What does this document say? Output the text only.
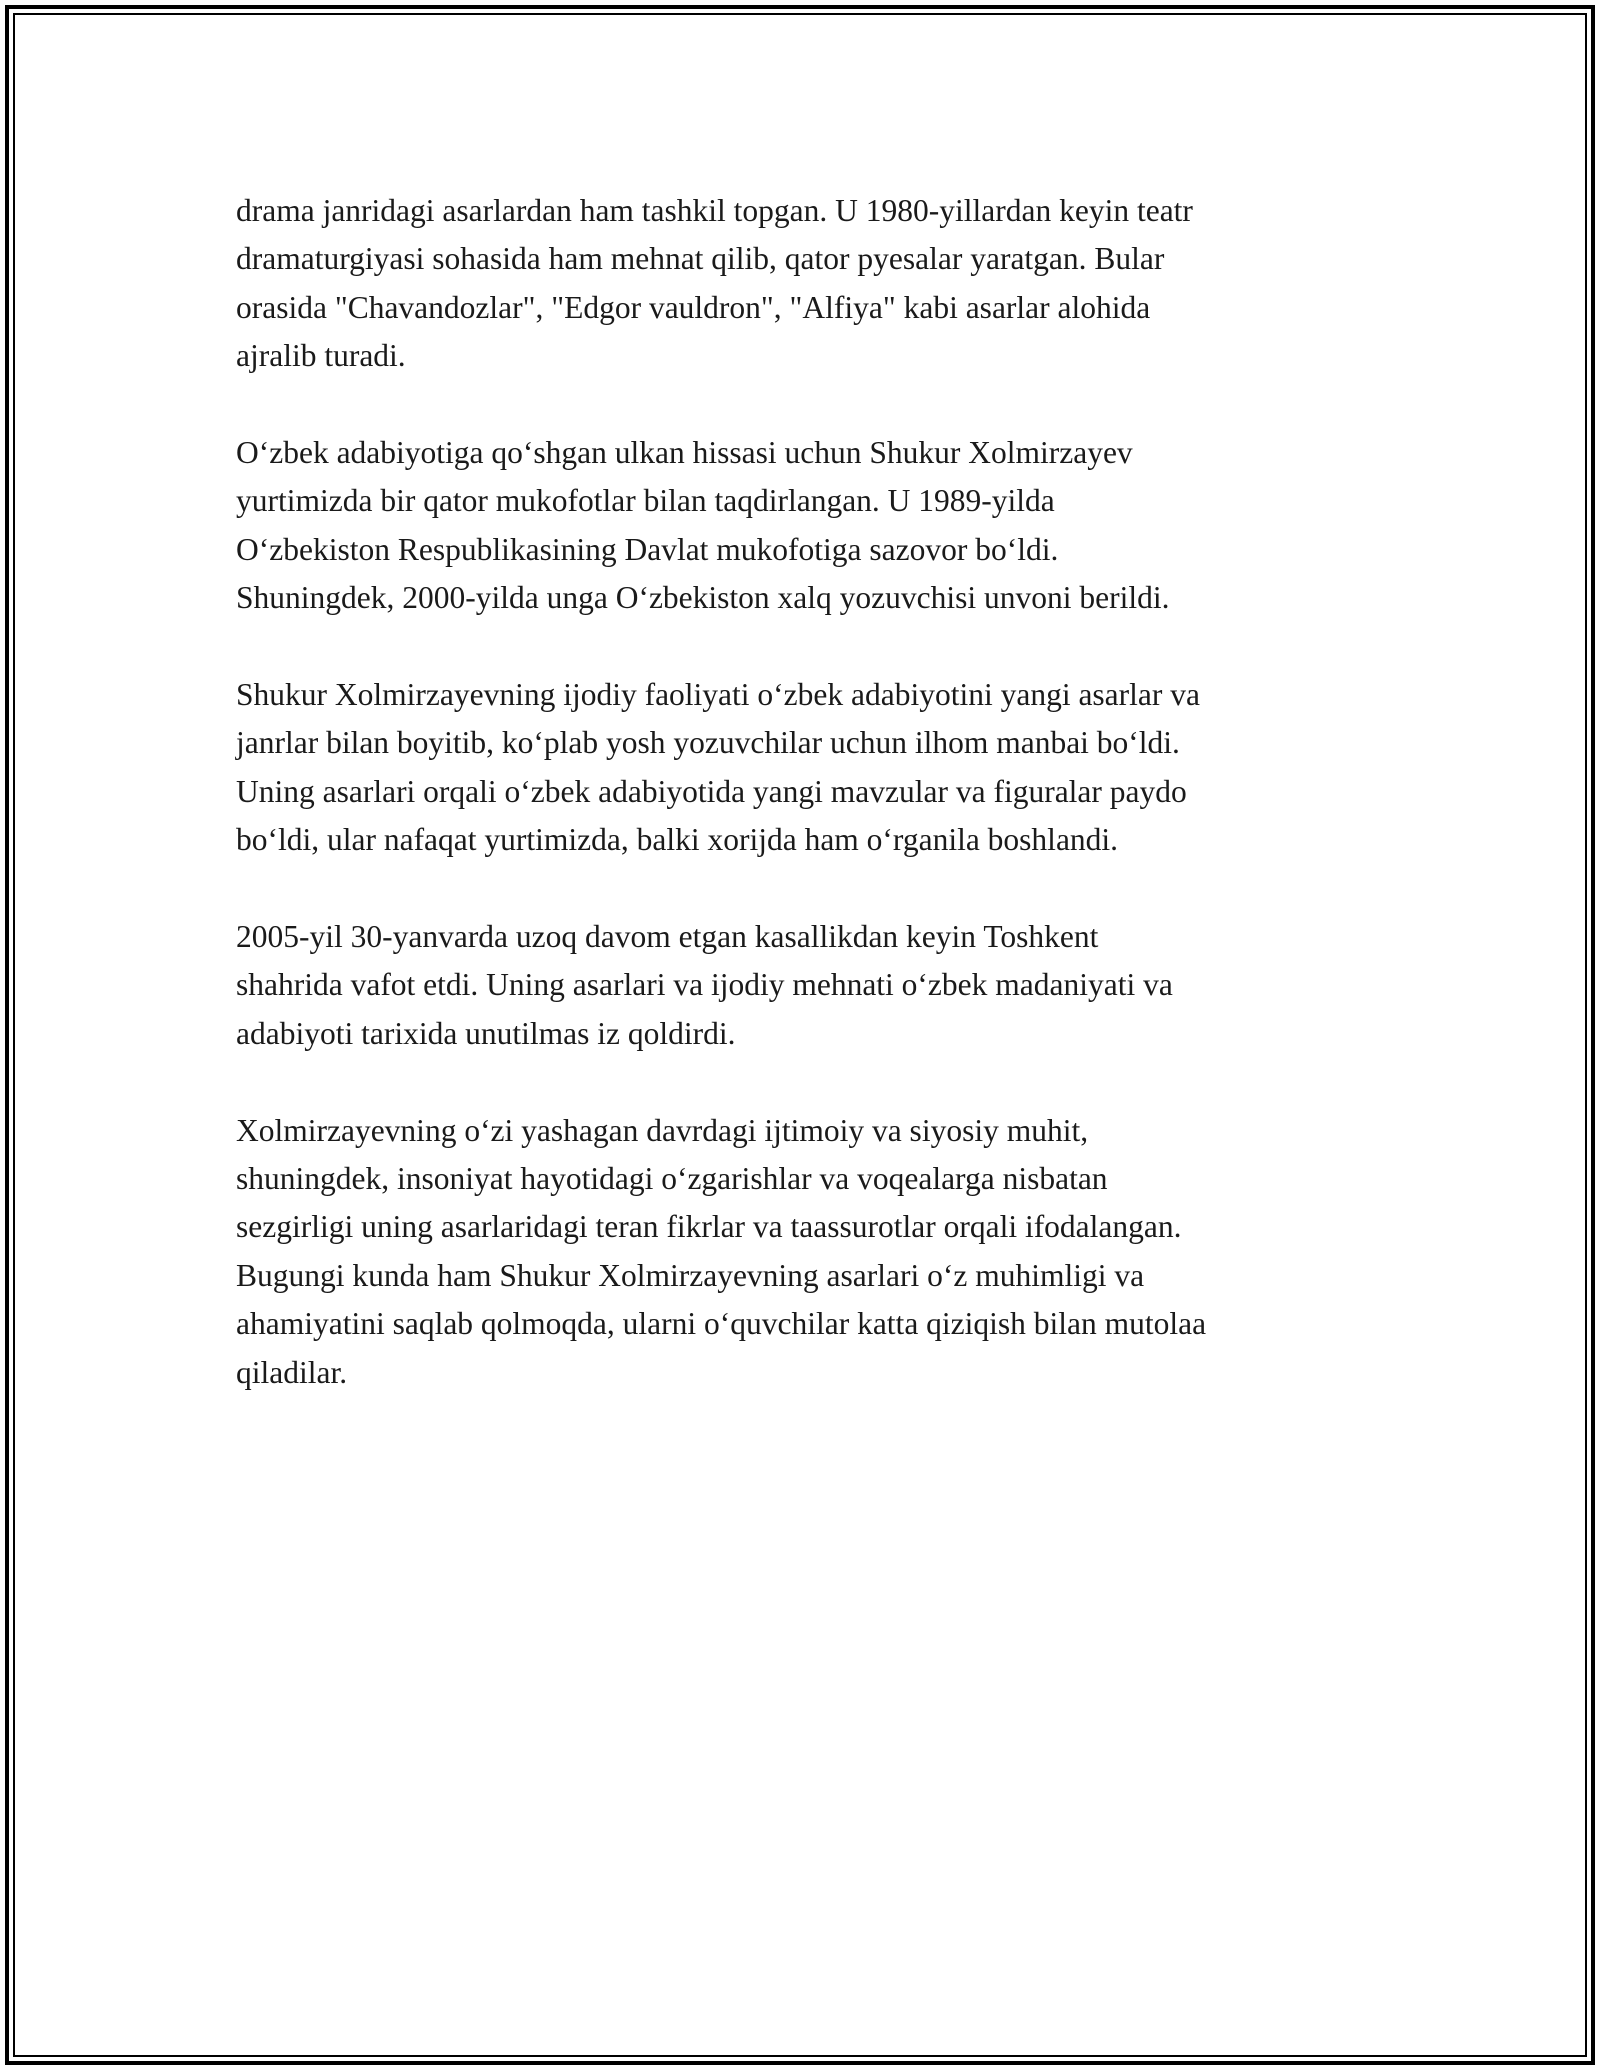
drama janridagi asarlardan ham tashkil topgan. U 1980-yillardan keyin teatr
dramaturgiyasi sohasida ham mehnat qilib, qator pyesalar yaratgan. Bular
orasida "Chavandozlar", "Edgor vauldron", "Alfiya" kabi asarlar alohida
ajralib turadi.

O‘zbek adabiyotiga qo‘shgan ulkan hissasi uchun Shukur Xolmirzayev
yurtimizda bir qator mukofotlar bilan taqdirlangan. U 1989-yilda
O‘zbekiston Respublikasining Davlat mukofotiga sazovor bo‘ldi.
Shuningdek, 2000-yilda unga O‘zbekiston xalq yozuvchisi unvoni berildi.

Shukur Xolmirzayevning ijodiy faoliyati o‘zbek adabiyotini yangi asarlar va
janrlar bilan boyitib, ko‘plab yosh yozuvchilar uchun ilhom manbai bo‘ldi.
Uning asarlari orqali o‘zbek adabiyotida yangi mavzular va figuralar paydo
bo‘ldi, ular nafaqat yurtimizda, balki xorijda ham o‘rganila boshlandi.

2005-yil 30-yanvarda uzoq davom etgan kasallikdan keyin Toshkent
shahrida vafot etdi. Uning asarlari va ijodiy mehnati o‘zbek madaniyati va
adabiyoti tarixida unutilmas iz qoldirdi.

Xolmirzayevning o‘zi yashagan davrdagi ijtimoiy va siyosiy muhit,
shuningdek, insoniyat hayotidagi o‘zgarishlar va voqealarga nisbatan
sezgirligi uning asarlaridagi teran fikrlar va taassurotlar orqali ifodalangan.
Bugungi kunda ham Shukur Xolmirzayevning asarlari o‘z muhimligi va
ahamiyatini saqlab qolmoqda, ularni o‘quvchilar katta qiziqish bilan mutolaa
qiladilar.
